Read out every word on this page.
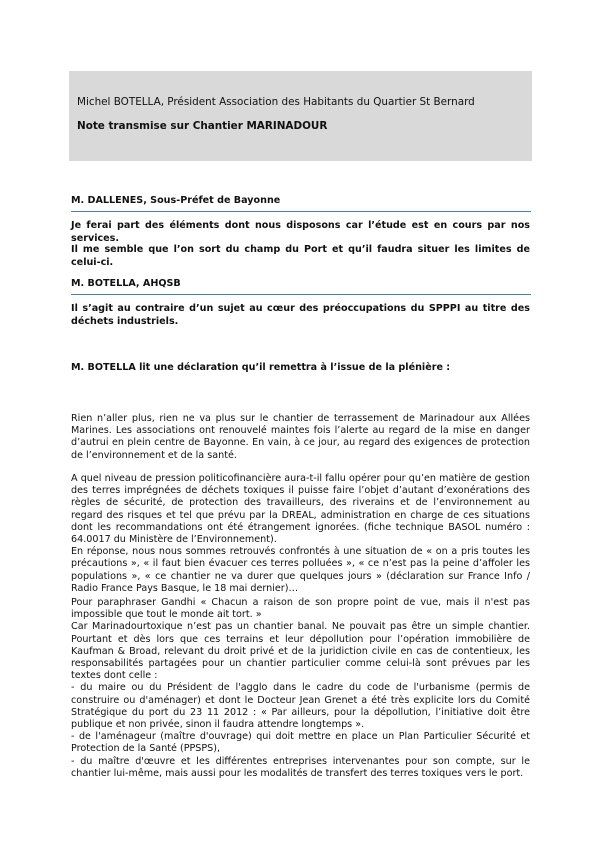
Michel BOTELLA, Président Association des Habitants du Quartier St Bernard
Note transmise sur Chantier MARINADOUR
M. DALLENES, Sous-Préfet de Bayonne

Je ferai part des éléments dont nous disposons car l’étude est en cours par nos services.

Il me semble que l’on sort du champ du Port et qu’il faudra situer les limites de celui-ci.

M. BOTELLA, AHQSB

Il s’agit au contraire d’un sujet au cœur des préoccupations du SPPPI au titre des déchets industriels.

M. BOTELLA lit une déclaration qu’il remettra à l’issue de la plénière :

Rien n’aller plus, rien ne va plus sur le chantier de terrassement de Marinadour aux Allées Marines. Les associations ont renouvelé maintes fois l’alerte au regard de la mise en danger d’autrui en plein centre de Bayonne. En vain, à ce jour, au regard des exigences de protection de l’environnement et de la santé.

A quel niveau de pression politicofinancière aura-t-il fallu opérer pour qu’en matière de gestion des terres imprégnées de déchets toxiques il puisse faire l’objet d’autant d’exonérations des règles de sécurité, de protection des travailleurs, des riverains et de l’environnement au regard des risques et tel que prévu par la DREAL, administration en charge de ces situations dont les recommandations ont été étrangement ignorées. (fiche technique BASOL numéro : 64.0017 du Ministère de l’Environnement).
En réponse, nous nous sommes retrouvés confrontés à une situation de « on a pris toutes les précautions », « il faut bien évacuer ces terres polluées », « ce n’est pas la peine d’affoler les populations », « ce chantier ne va durer que quelques jours » (déclaration sur France Info / Radio France Pays Basque, le 18 mai dernier)…

Pour paraphraser Gandhi « Chacun a raison de son propre point de vue, mais il n'est pas impossible que tout le monde ait tort. »
Car Marinadourtoxique n’est pas un chantier banal. Ne pouvait pas être un simple chantier. Pourtant et dès lors que ces terrains et leur dépollution pour l’opération immobilière de Kaufman & Broad, relevant du droit privé et de la juridiction civile en cas de contentieux, les responsabilités partagées pour un chantier particulier comme celui-là sont prévues par les textes dont celle :
- du maire ou du Président de l'agglo dans le cadre du code de l'urbanisme (permis de construire ou d'aménager) et dont le Docteur Jean Grenet a été très explicite lors du Comité Stratégique du port du 23 11 2012 : « Par ailleurs, pour la dépollution, l’initiative doit être publique et non privée, sinon il faudra attendre longtemps ».
- de l'aménageur (maître d'ouvrage) qui doit mettre en place un Plan Particulier Sécurité et Protection de la Santé (PPSPS),
- du maître d'œuvre et les différentes entreprises intervenantes pour son compte, sur le chantier lui-même, mais aussi pour les modalités de transfert des terres toxiques vers le port.
